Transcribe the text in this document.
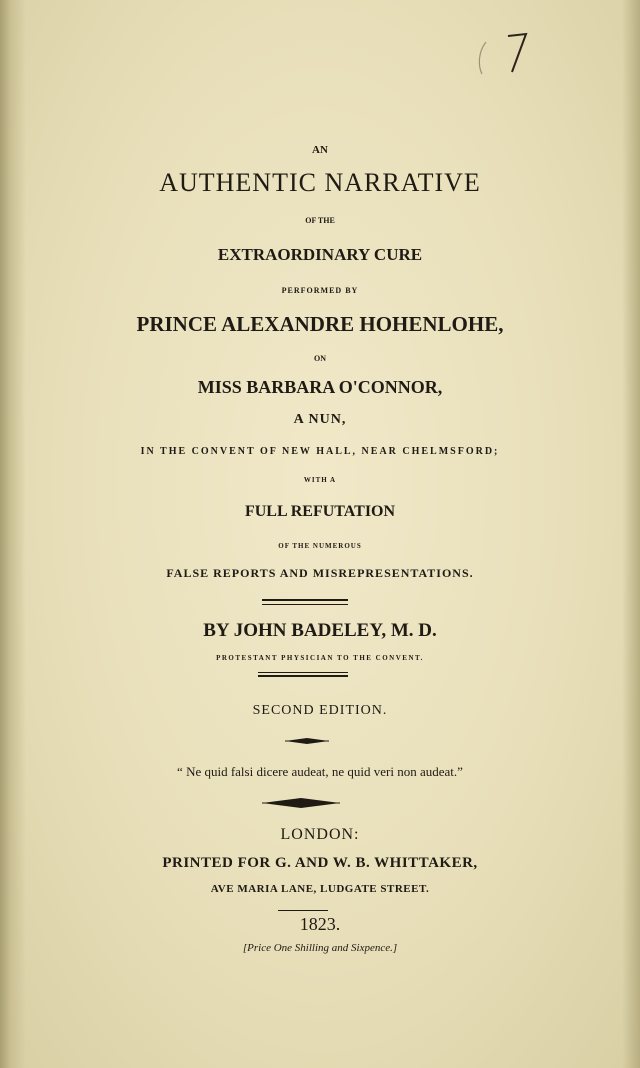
AN

AUTHENTIC NARRATIVE

OF THE

EXTRAORDINARY CURE

PERFORMED BY

PRINCE ALEXANDRE HOHENLOHE,

ON

MISS BARBARA O'CONNOR,

A NUN,

IN THE CONVENT OF NEW HALL, NEAR CHELMSFORD;

WITH A

FULL REFUTATION

OF THE NUMEROUS

FALSE REPORTS AND MISREPRESENTATIONS.

BY JOHN BADELEY, M. D.

PROTESTANT PHYSICIAN TO THE CONVENT.

SECOND EDITION.

“ Ne quid falsi dicere audeat, ne quid veri non audeat.”

LONDON:

PRINTED FOR G. AND W. B. WHITTAKER,

AVE MARIA LANE, LUDGATE STREET.

1823.

[Price One Shilling and Sixpence.]
